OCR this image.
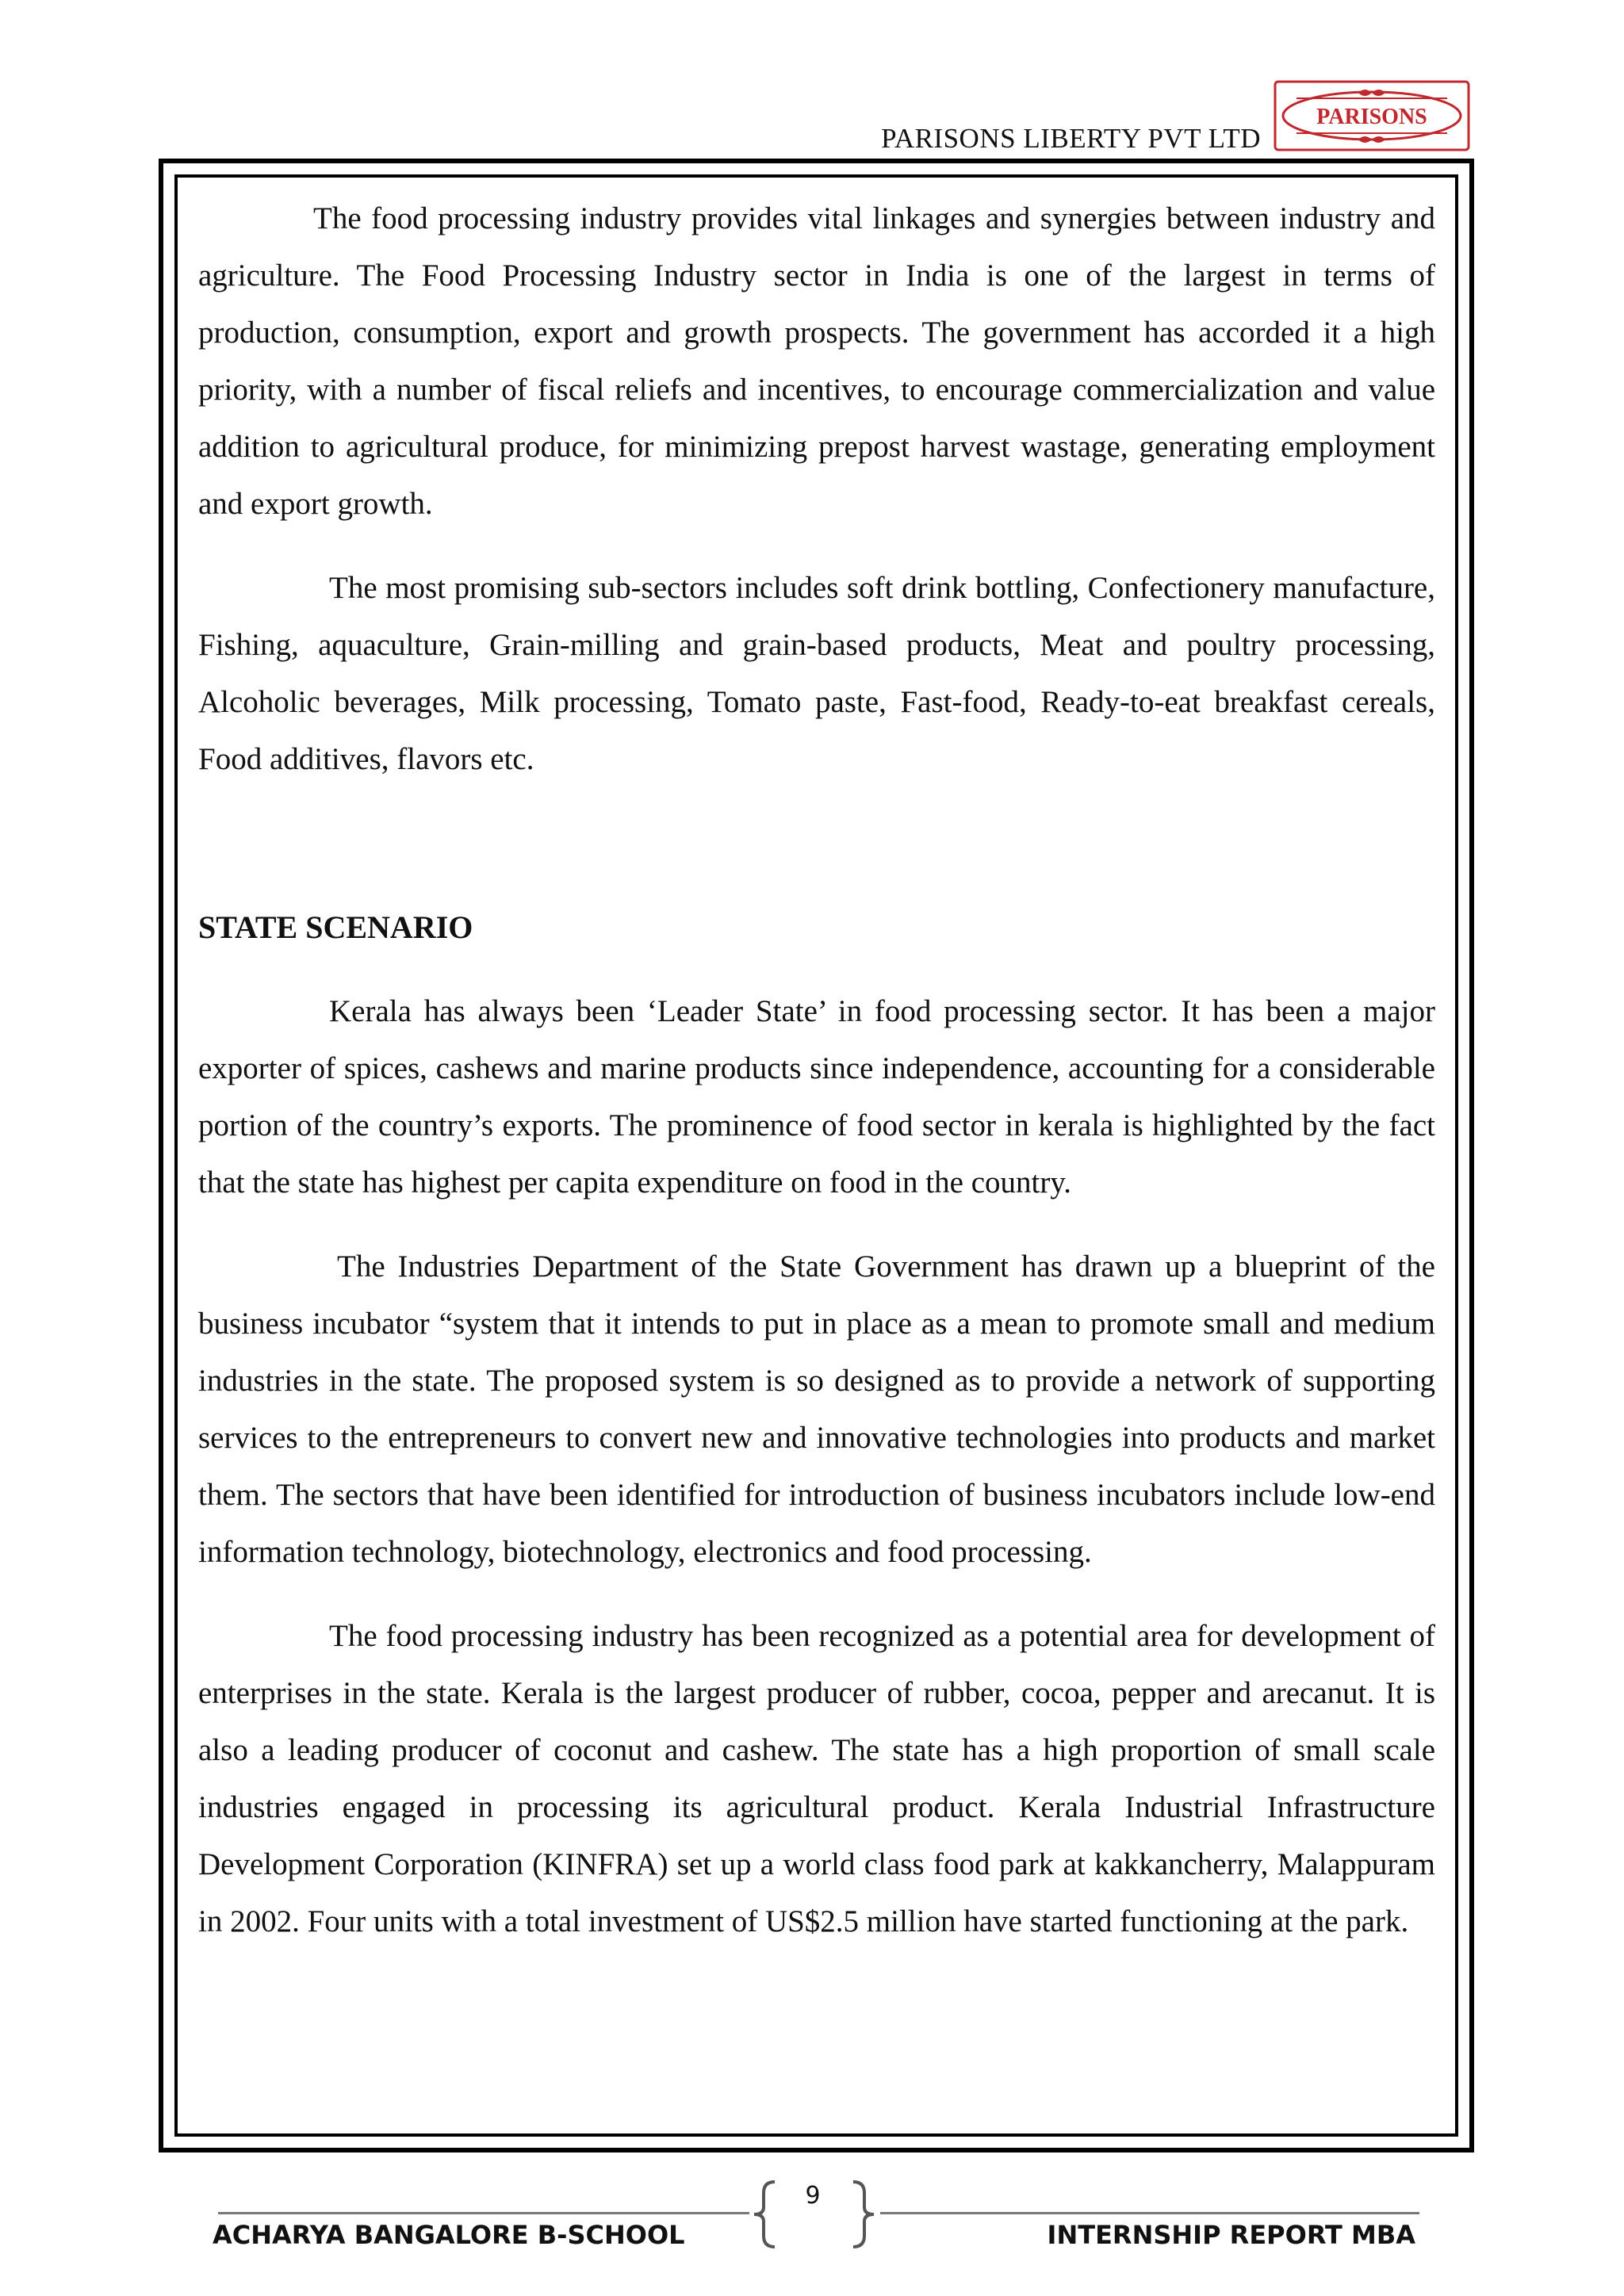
PARISONS LIBERTY PVT LTD
PARISONS

The food processing industry provides vital linkages and synergies between industry and agriculture. The Food Processing Industry sector in India is one of the largest in terms of production, consumption, export and growth prospects. The government has accorded it a high priority, with a number of fiscal reliefs and incentives, to encourage commercialization and value addition to agricultural produce, for minimizing prepost harvest wastage, generating employment and export growth.

The most promising sub-sectors includes soft drink bottling, Confectionery manufacture, Fishing, aquaculture, Grain-milling and grain-based products, Meat and poultry processing, Alcoholic beverages, Milk processing, Tomato paste, Fast-food, Ready-to-eat breakfast cereals, Food additives, flavors etc.

STATE SCENARIO

Kerala has always been ‘Leader State’ in food processing sector. It has been a major exporter of spices, cashews and marine products since independence, accounting for a considerable portion of the country’s exports. The prominence of food sector in kerala is highlighted by the fact that the state has highest per capita expenditure on food in the country.

The Industries Department of the State Government has drawn up a blueprint of the business incubator “system that it intends to put in place as a mean to promote small and medium industries in the state. The proposed system is so designed as to provide a network of supporting services to the entrepreneurs to convert new and innovative technologies into products and market them. The sectors that have been identified for introduction of business incubators include low-end information technology, biotechnology, electronics and food processing.

The food processing industry has been recognized as a potential area for development of enterprises in the state. Kerala is the largest producer of rubber, cocoa, pepper and arecanut. It is also a leading producer of coconut and cashew. The state has a high proportion of small scale industries engaged in processing its agricultural product. Kerala Industrial Infrastructure Development Corporation (KINFRA) set up a world class food park at kakkancherry, Malappuram in 2002. Four units with a total investment of US$2.5 million have started functioning at the park.

9
ACHARYA BANGALORE B-SCHOOL	INTERNSHIP REPORT MBA
